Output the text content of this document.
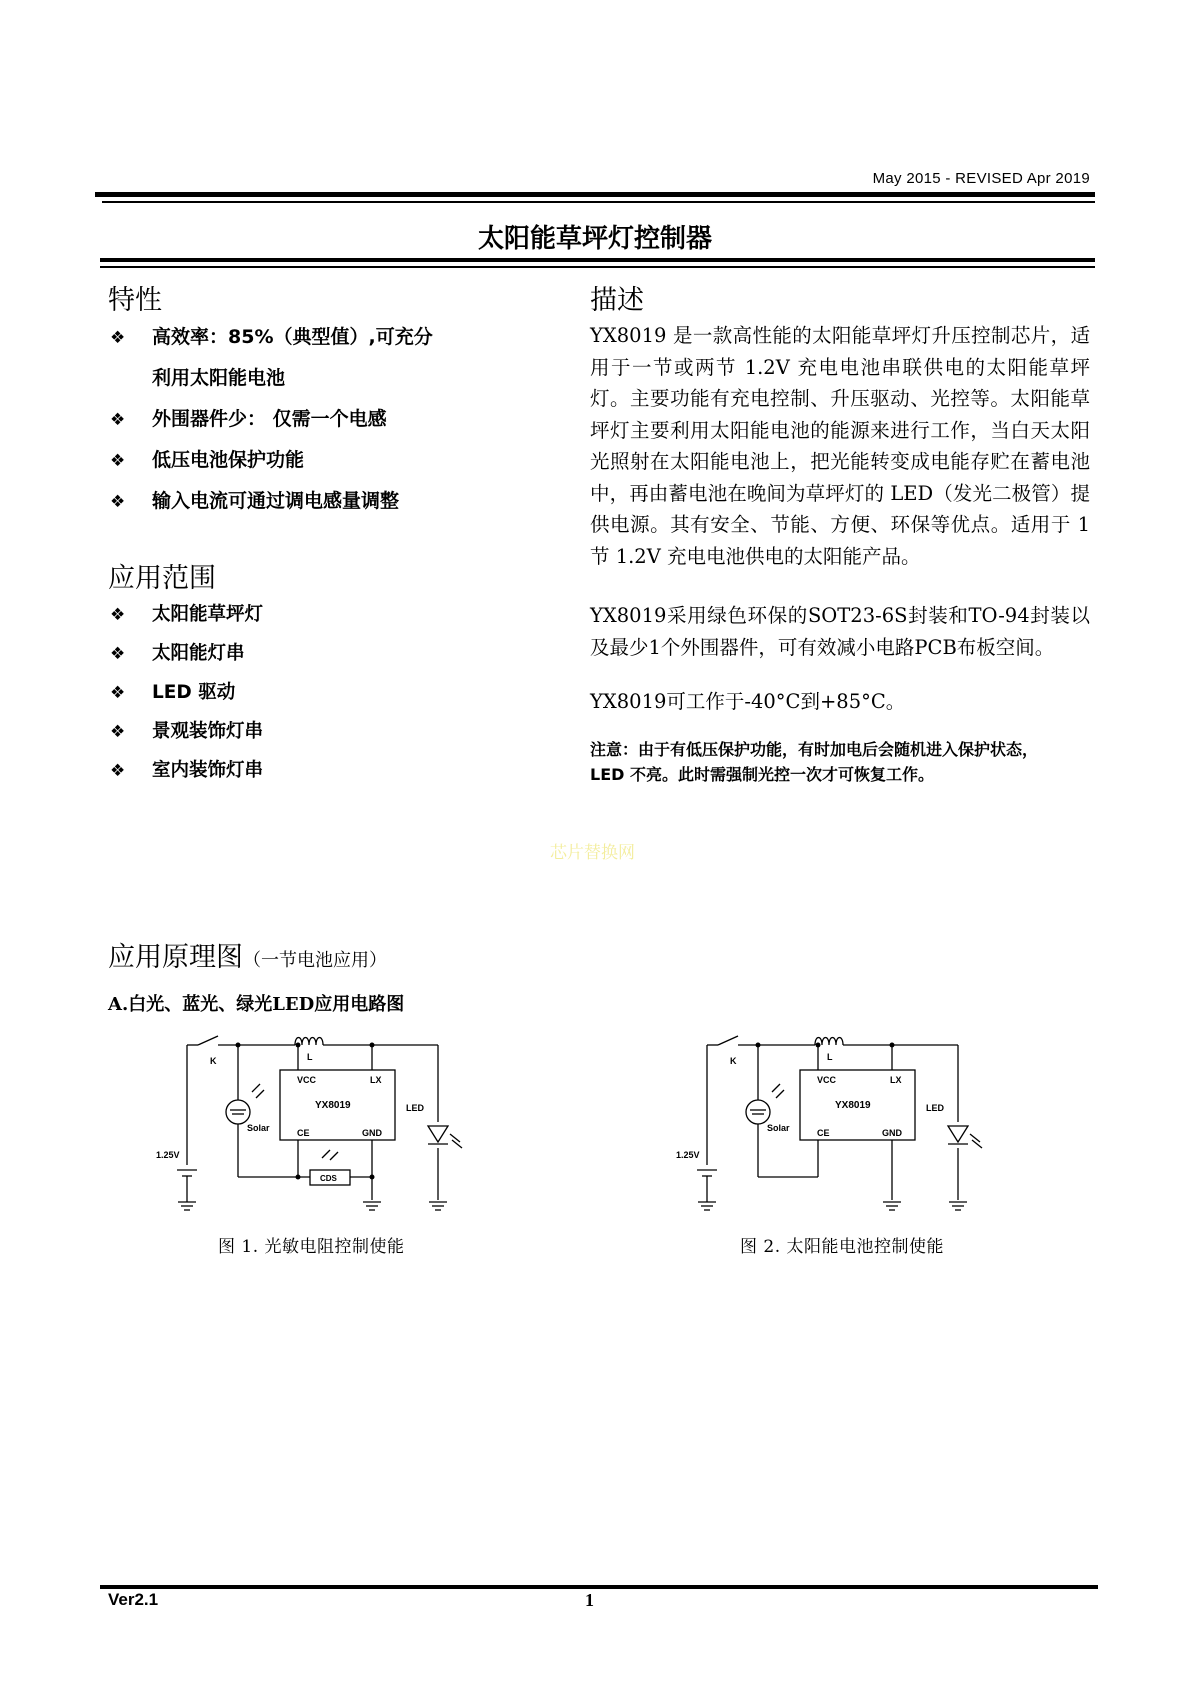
May 2015 - REVISED Apr 2019
太阳能草坪灯控制器
特性
❖ 高效率：85%（典型值）,可充分
利用太阳能电池
❖ 外围器件少： 仅需一个电感
❖ 低压电池保护功能
❖ 输入电流可通过调电感量调整
应用范围
❖ 太阳能草坪灯
❖ 太阳能灯串
❖ LED 驱动
❖ 景观装饰灯串
❖ 室内装饰灯串
描述

YX8019 是一款高性能的太阳能草坪灯升压控制芯片，适用于一节或两节 1.2V 充电电池串联供电的太阳能草坪灯。主要功能有充电控制、升压驱动、光控等。太阳能草坪灯主要利用太阳能电池的能源来进行工作，当白天太阳光照射在太阳能电池上，把光能转变成电能存贮在蓄电池中，再由蓄电池在晚间为草坪灯的 LED（发光二极管）提供电源。其有安全、节能、方便、环保等优点。适用于 1 节 1.2V 充电电池供电的太阳能产品。

YX8019采用绿色环保的SOT23-6S封装和TO-94封装以及最少1个外围器件，可有效减小电路PCB布板空间。

YX8019可工作于-40°C到+85°C。

注意：由于有低压保护功能，有时加电后会随机进入保护状态，
LED 不亮。此时需强制光控一次才可恢复工作。
芯片替换网
应用原理图（一节电池应用）
A.白光、蓝光、绿光LED应用电路图
K	L
VCC	LX
YX8019
CE	GND
LED
Solar
1.25V
CDS
图 1. 光敏电阻控制使能
K	L
VCC	LX
YX8019
CE	GND
LED
Solar
1.25V
图 2. 太阳能电池控制使能
Ver2.1	1
